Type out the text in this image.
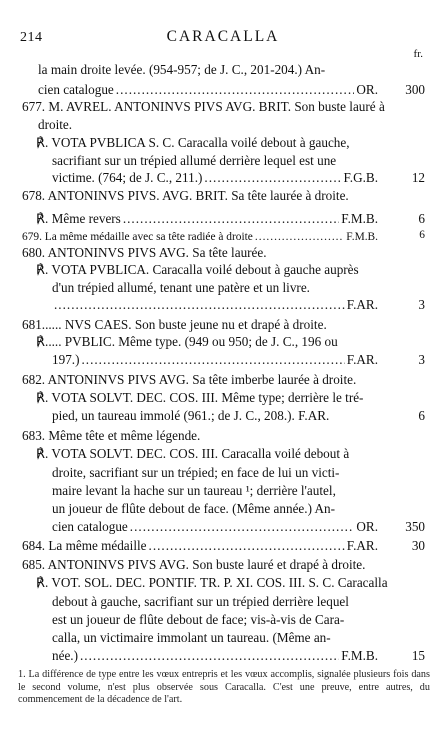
214	CARACALLA
fr.
la main droite levée. (954-957; de J. C., 201-204.) An-
cien catalogue .....	OR. 300
677. M. AVREL. ANTONINVS PIVS AVG. BRIT. Son buste lauré à
droite.
℟. VOTA PVBLICA S. C. Caracalla voilé debout à gauche,
sacrifiant sur un trépied allumé derrière lequel est une
victime. (764; de J. C., 211.) .....	F.G.B.	12
678. ANTONINVS PIVS. AVG. BRIT. Sa tête laurée à droite.
℟. Même revers .....	F.M.B.	6
679. La même médaille avec sa tête radiée à droite .....	F.M.B.	6
680. ANTONINVS PIVS AVG. Sa tête laurée.
℟. VOTA PVBLICA. Caracalla voilé debout à gauche auprès
d'un trépied allumé, tenant une patère et un livre.
.....
F.AR.	3
681...... NVS CAES. Son buste jeune nu et drapé à droite.
℟..... PVBLIC. Même type. (949 ou 950; de J. C., 196 ou
197.) .....	F.AR.	3
682. ANTONINVS PIVS AVG. Sa tête imberbe laurée à droite.
℟. VOTA SOLVT. DEC. COS. III. Même type; derrière le tré-
pied, un taureau immolé (961.; de J. C., 208.). F.AR.	6
683. Même tête et même légende.
℟. VOTA SOLVT. DEC. COS. III. Caracalla voilé debout à
droite, sacrifiant sur un trépied; en face de lui un victi-
maire levant la hache sur un taureau ¹; derrière l'autel,
un joueur de flûte debout de face. (Même année.) An-
cien catalogue .....	OR. 350
684. La même médaille .....	F.AR.	30
685. ANTONINVS PIVS AVG. Son buste lauré et drapé à droite.
℟. VOT. SOL. DEC. PONTIF. TR. P. XI. COS. III. S. C. Caracalla
debout à gauche, sacrifiant sur un trépied derrière lequel
est un joueur de flûte debout de face; vis-à-vis de Cara-
calla, un victimaire immolant un taureau. (Même an-
née.) .....	F.M.B.	15
1. La différence de type entre les vœux entrepris et les vœux accomplis, signalée plusieurs fois dans le second volume, n'est plus observée sous Caracalla. C'est une preuve, entre autres, du commencement de la décadence de l'art.
